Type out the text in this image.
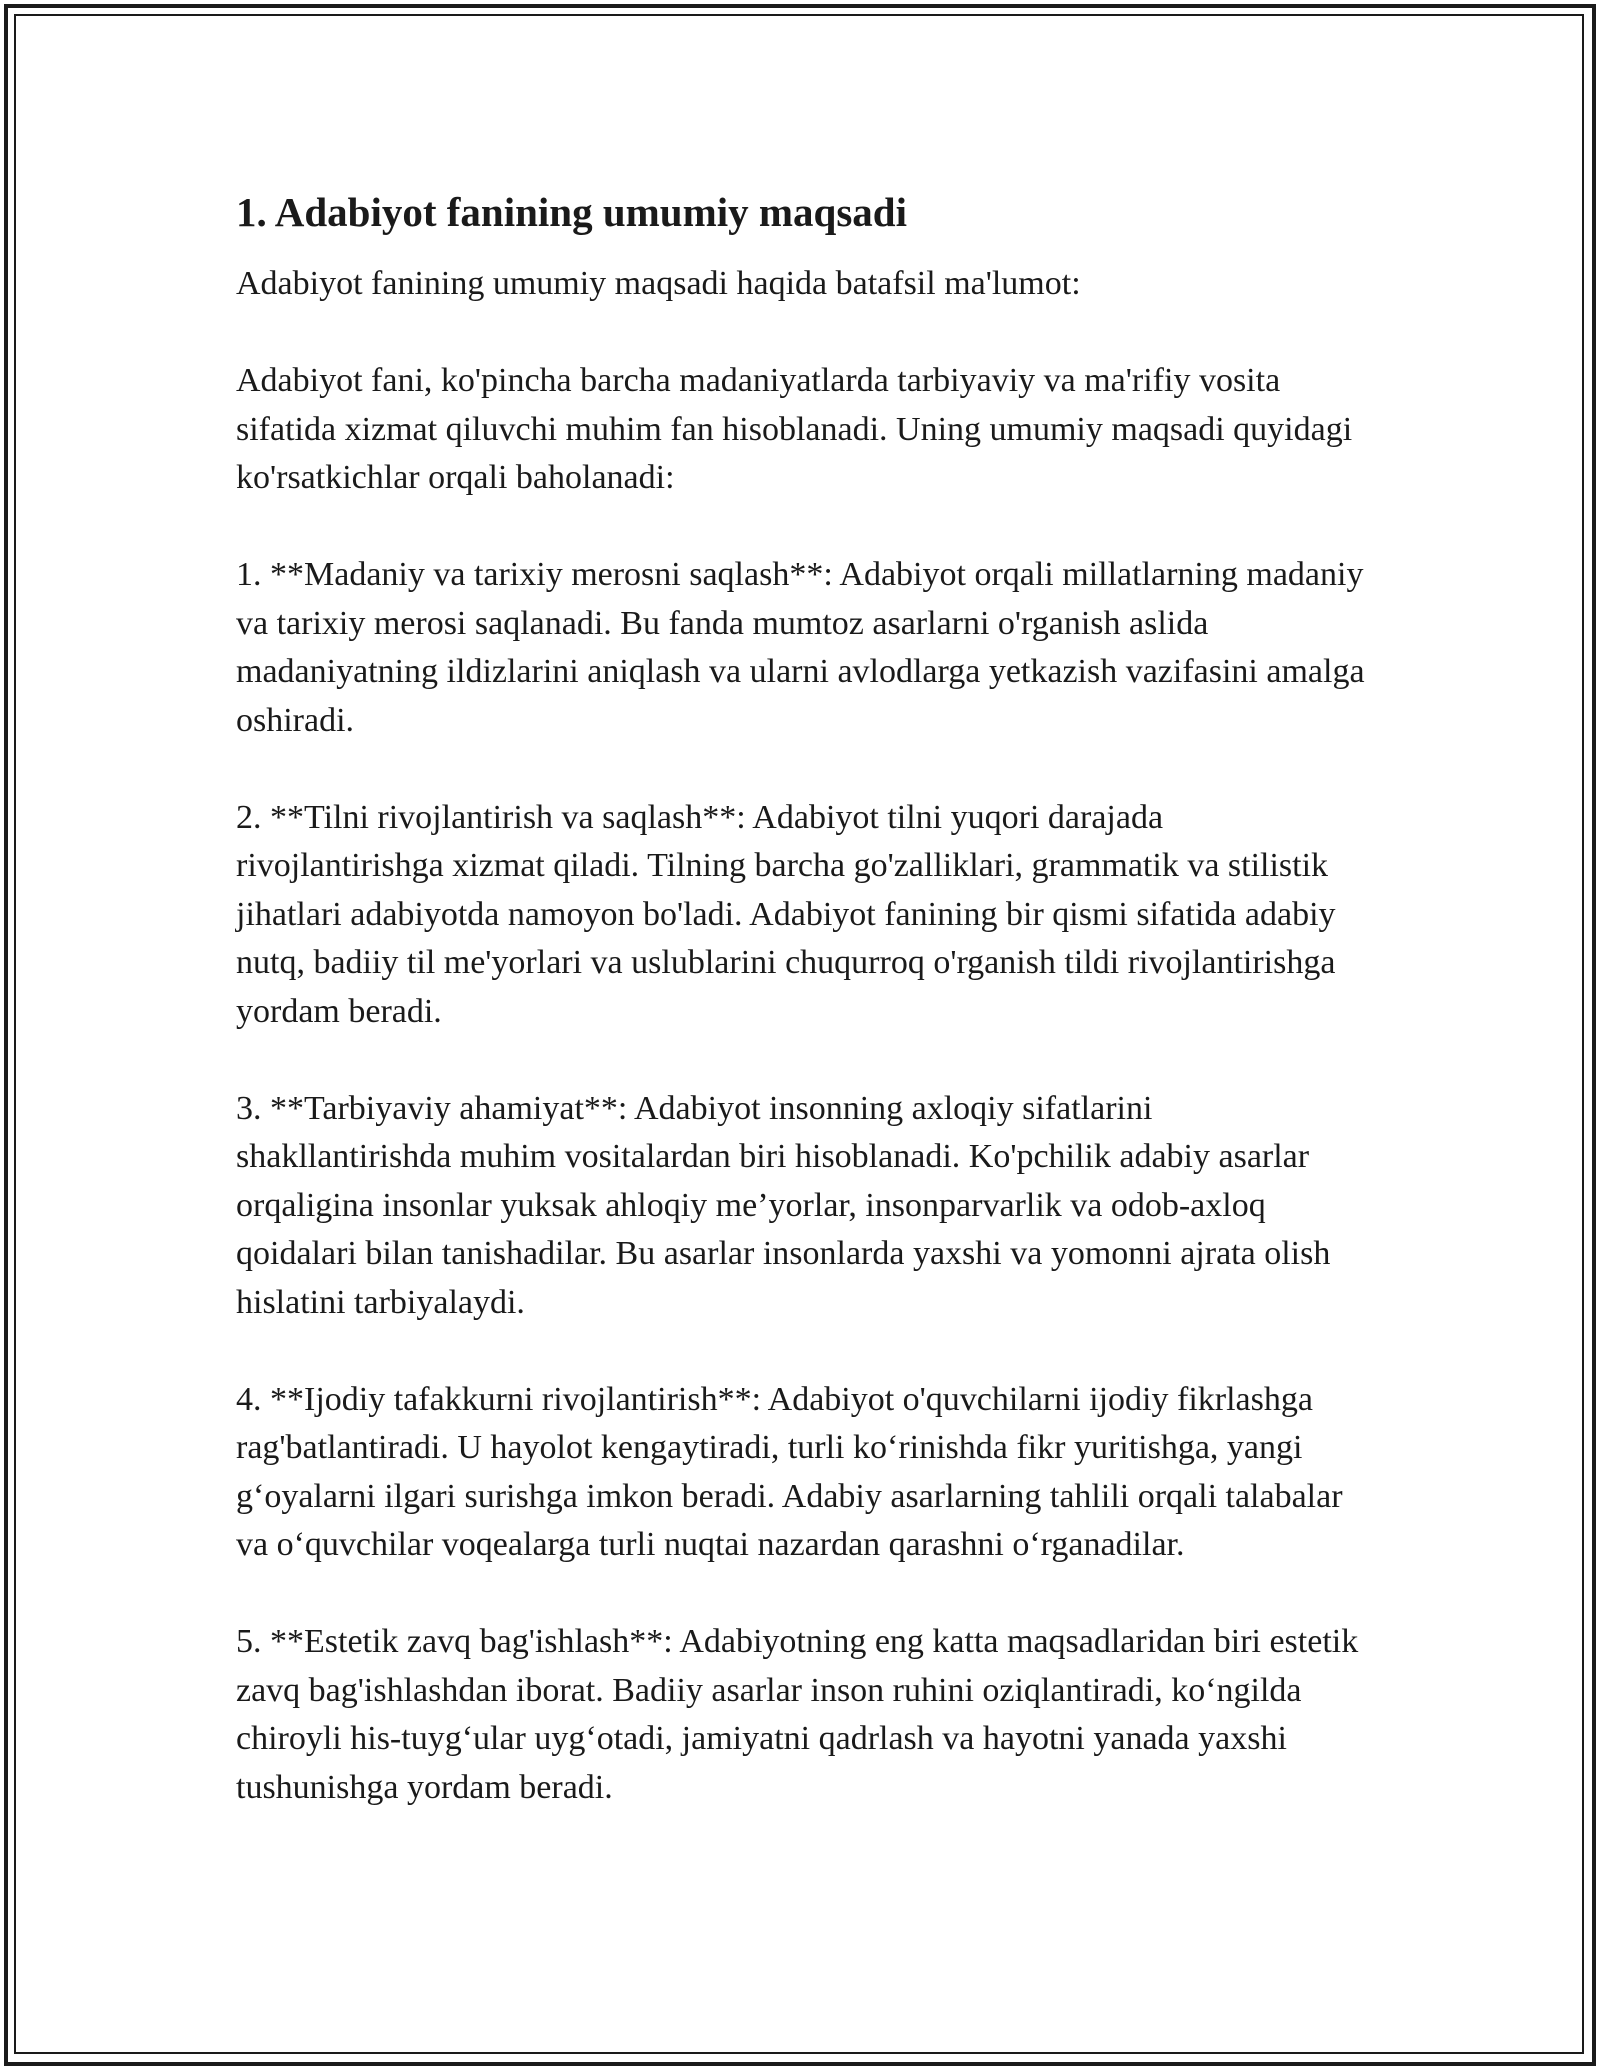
1. Adabiyot fanining umumiy maqsadi

Adabiyot fanining umumiy maqsadi haqida batafsil ma'lumot:

Adabiyot fani, ko'pincha barcha madaniyatlarda tarbiyaviy va ma'rifiy vosita sifatida xizmat qiluvchi muhim fan hisoblanadi. Uning umumiy maqsadi quyidagi ko'rsatkichlar orqali baholanadi:

1. **Madaniy va tarixiy merosni saqlash**: Adabiyot orqali millatlarning madaniy va tarixiy merosi saqlanadi. Bu fanda mumtoz asarlarni o'rganish aslida madaniyatning ildizlarini aniqlash va ularni avlodlarga yetkazish vazifasini amalga oshiradi.

2. **Tilni rivojlantirish va saqlash**: Adabiyot tilni yuqori darajada rivojlantirishga xizmat qiladi. Tilning barcha go'zalliklari, grammatik va stilistik jihatlari adabiyotda namoyon bo'ladi. Adabiyot fanining bir qismi sifatida adabiy nutq, badiiy til me'yorlari va uslublarini chuqurroq o'rganish tildi rivojlantirishga yordam beradi.

3. **Tarbiyaviy ahamiyat**: Adabiyot insonning axloqiy sifatlarini shakllantirishda muhim vositalardan biri hisoblanadi. Ko'pchilik adabiy asarlar orqaligina insonlar yuksak ahloqiy me’yorlar, insonparvarlik va odob-axloq qoidalari bilan tanishadilar. Bu asarlar insonlarda yaxshi va yomonni ajrata olish hislatini tarbiyalaydi.

4. **Ijodiy tafakkurni rivojlantirish**: Adabiyot o'quvchilarni ijodiy fikrlashga rag'batlantiradi. U hayolot kengaytiradi, turli ko‘rinishda fikr yuritishga, yangi g‘oyalarni ilgari surishga imkon beradi. Adabiy asarlarning tahlili orqali talabalar va o‘quvchilar voqealarga turli nuqtai nazardan qarashni o‘rganadilar.

5. **Estetik zavq bag'ishlash**: Adabiyotning eng katta maqsadlaridan biri estetik zavq bag'ishlashdan iborat. Badiiy asarlar inson ruhini oziqlantiradi, ko‘ngilda chiroyli his-tuyg‘ular uyg‘otadi, jamiyatni qadrlash va hayotni yanada yaxshi tushunishga yordam beradi.
